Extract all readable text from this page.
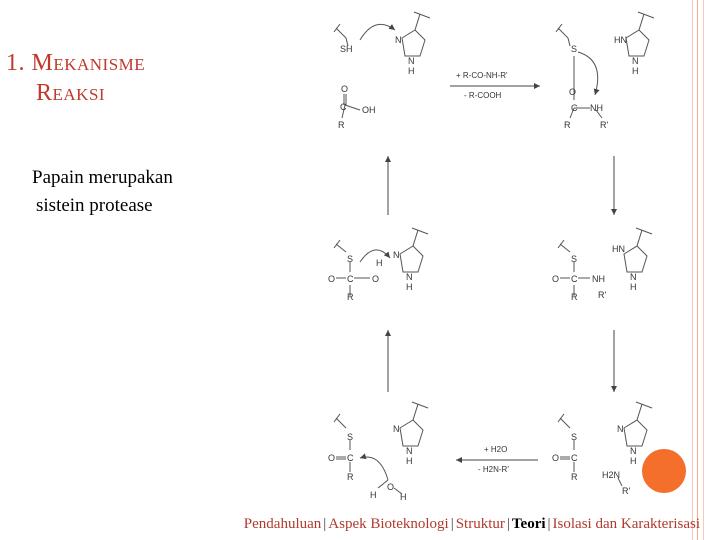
1. Mekanisme
Reaksi
Papain merupakan
sistein protease
SH
N
N
H
O
C OH
R
+ R-CO-NH-R'
- R-COOH
S
HN
N
H
O
C NH
R	R'
S
O C O
H
R
N
N
H
S
O C NH
R R'
HN
N
H
S
O C
R
N
N
H
O
H	H
+ H2O
- H2N-R'
S
O C
R
N
N
H
H2N
R'
Pendahuluan | Aspek Bioteknologi | Struktur | Teori | Isolasi dan Karakterisasi
